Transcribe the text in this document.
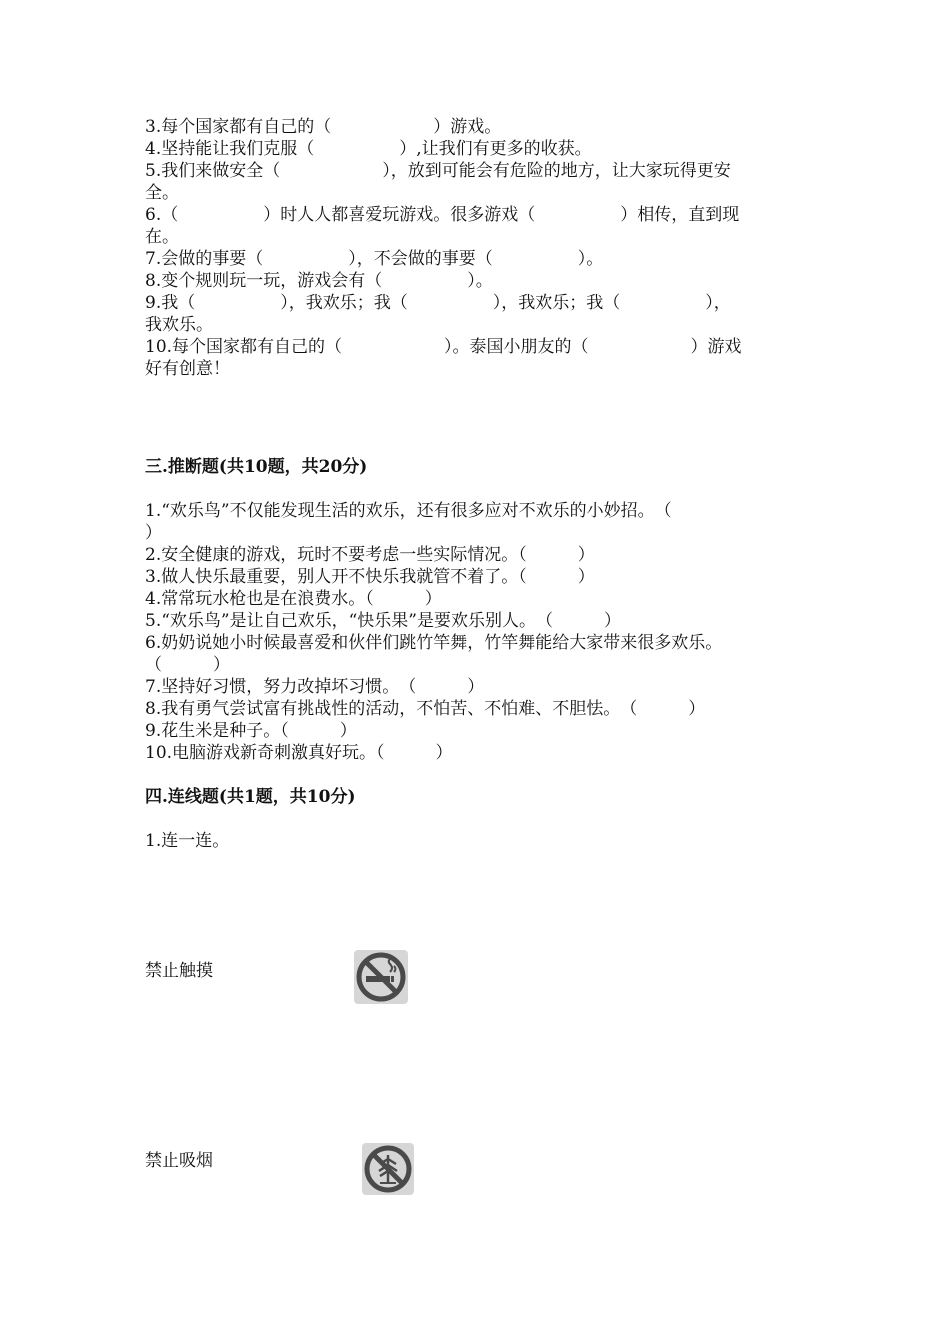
3.每个国家都有自己的（　　　　　　）游戏。
4.坚持能让我们克服（　　　　　）,让我们有更多的收获。
5.我们来做安全（　　　　　　），放到可能会有危险的地方，让大家玩得更安
全。
6.（　　　　　）时人人都喜爱玩游戏。很多游戏（　　　　　）相传，直到现
在。
7.会做的事要（　　　　　），不会做的事要（　　　　　）。
8.变个规则玩一玩，游戏会有（　　　　　）。
9.我（　　　　　），我欢乐；我（　　　　　），我欢乐；我（　　　　　），
我欢乐。
10.每个国家都有自己的（　　　　　　）。泰国小朋友的（　　　　　　）游戏
好有创意！
三.推断题(共10题，共20分)
1.“欢乐鸟”不仅能发现生活的欢乐，还有很多应对不欢乐的小妙招。　（
）
2.安全健康的游戏，玩时不要考虑一些实际情况。（　　　）
3.做人快乐最重要，别人开不快乐我就管不着了。（　　　）
4.常常玩水枪也是在浪费水。（　　　）
5.“欢乐鸟”是让自己欢乐，“快乐果”是要欢乐别人。　（　　　）
6.奶奶说她小时候最喜爱和伙伴们跳竹竿舞，竹竿舞能给大家带来很多欢乐。
（　　　）
7.坚持好习惯，努力改掉坏习惯。　（　　　）
8.我有勇气尝试富有挑战性的活动，不怕苦、不怕难、不胆怯。　（　　　）
9.花生米是种子。（　　　）
10.电脑游戏新奇刺激真好玩。（　　　）
四.连线题(共1题，共10分)
1.连一连。
禁止触摸
禁止吸烟
